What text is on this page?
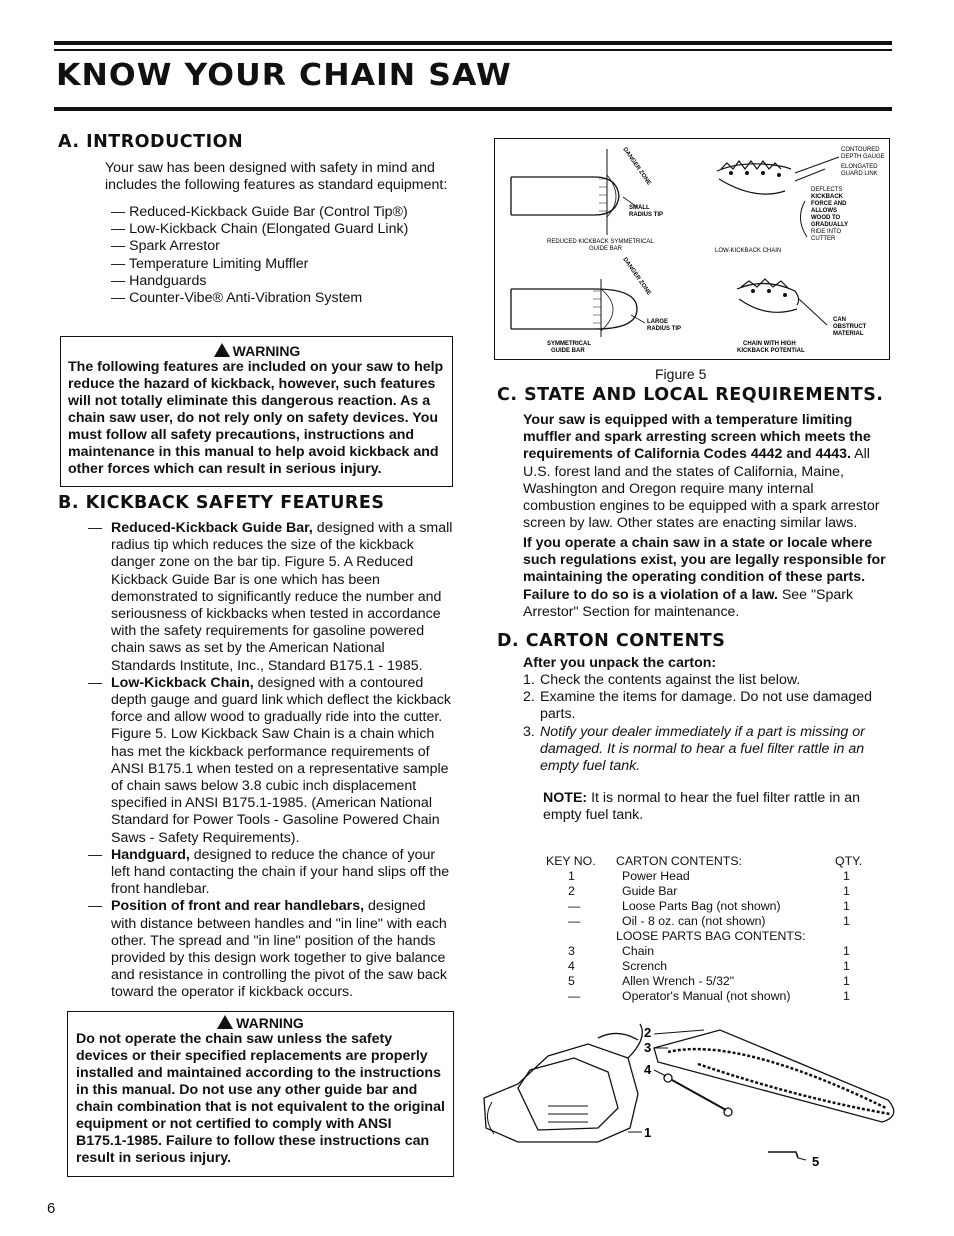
KNOW YOUR CHAIN SAW
A. INTRODUCTION
Your saw has been designed with safety in mind and includes the following features as standard equipment:
— Reduced-Kickback Guide Bar (Control Tip®)
— Low-Kickback Chain (Elongated Guard Link)
— Spark Arrestor
— Temperature Limiting Muffler
— Handguards
— Counter-Vibe® Anti-Vibration System
WARNING
The following features are included on your saw to help reduce the hazard of kickback, however, such features will not totally eliminate this dangerous reaction. As a chain saw user, do not rely only on safety devices. You must follow all safety precautions, instructions and maintenance in this manual to help avoid kickback and other forces which can result in serious injury.
B. KICKBACK SAFETY FEATURES
— Reduced-Kickback Guide Bar, designed with a small radius tip which reduces the size of the kickback danger zone on the bar tip. Figure 5. A Reduced Kickback Guide Bar is one which has been demonstrated to significantly reduce the number and seriousness of kickbacks when tested in accordance with the safety requirements for gasoline powered chain saws as set by the American National Standards Institute, Inc., Standard B175.1 - 1985.
— Low-Kickback Chain, designed with a contoured depth gauge and guard link which deflect the kickback force and allow wood to gradually ride into the cutter. Figure 5. Low Kickback Saw Chain is a chain which has met the kickback performance requirements of ANSI B175.1 when tested on a representative sample of chain saws below 3.8 cubic inch displacement specified in ANSI B175.1-1985. (American National Standard for Power Tools - Gasoline Powered Chain Saws - Safety Requirements).
— Handguard, designed to reduce the chance of your left hand contacting the chain if your hand slips off the front handlebar.
— Position of front and rear handlebars, designed with distance between handles and "in line" with each other. The spread and "in line" position of the hands provided by this design work together to give balance and resistance in controlling the pivot of the saw back toward the operator if kickback occurs.
WARNING
Do not operate the chain saw unless the safety devices or their specified replacements are properly installed and maintained according to the instructions in this manual. Do not use any other guide bar and chain combination that is not equivalent to the original equipment or not certified to comply with ANSI B175.1-1985. Failure to follow these instructions can result in serious injury.
6
DANGER ZONE
SMALL
RADIUS TIP
REDUCED KICKBACK SYMMETRICAL
GUIDE BAR
DANGER ZONE
LARGE
RADIUS TIP
SYMMETRICAL
GUIDE BAR
CONTOURED
DEPTH GAUGE
ELONGATED
GUARD LINK
DEFLECTS
KICKBACK
FORCE AND
ALLOWS
WOOD TO
GRADUALLY
RIDE INTO
CUTTER
LOW-KICKBACK CHAIN
CAN
OBSTRUCT
MATERIAL
CHAIN WITH HIGH
KICKBACK POTENTIAL
Figure 5
C. STATE AND LOCAL REQUIREMENTS.
Your saw is equipped with a temperature limiting muffler and spark arresting screen which meets the requirements of California Codes 4442 and 4443. All U.S. forest land and the states of California, Maine, Washington and Oregon require many internal combustion engines to be equipped with a spark arrestor screen by law. Other states are enacting similar laws.
If you operate a chain saw in a state or locale where such regulations exist, you are legally responsible for maintaining the operating condition of these parts. Failure to do so is a violation of a law. See "Spark Arrestor" Section for maintenance.
D. CARTON CONTENTS
After you unpack the carton:
1. Check the contents against the list below.
2. Examine the items for damage. Do not use damaged parts.
3. Notify your dealer immediately if a part is missing or damaged. It is normal to hear a fuel filter rattle in an empty fuel tank.
NOTE: It is normal to hear the fuel filter rattle in an empty fuel tank.
KEY NO.	CARTON CONTENTS:	QTY.
1	Power Head	1
2	Guide Bar	1
—	Loose Parts Bag (not shown)	1
—	Oil - 8 oz. can (not shown)	1
	LOOSE PARTS BAG CONTENTS:	
3	Chain	1
4	Scrench	1
5	Allen Wrench - 5/32"	1
—	Operator's Manual (not shown)	1
2
3
4
1
5
